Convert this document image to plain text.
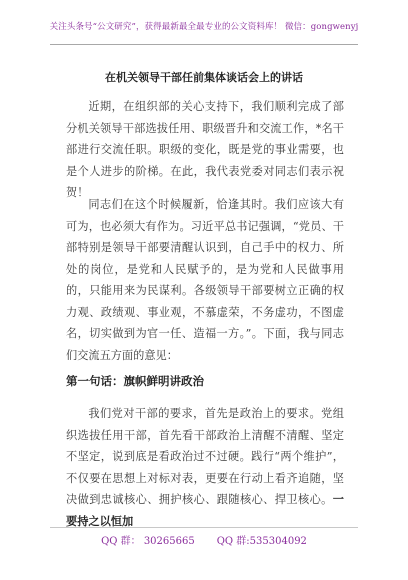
关注头条号“公文研究”，获得最新最全最专业的公文资料库！ 微信：gongwenyj
在机关领导干部任前集体谈话会上的讲话

近期，在组织部的关心支持下，我们顺利完成了部分机关领导干部选拔任用、职级晋升和交流工作，*名干部进行交流任职。职级的变化，既是党的事业需要，也是个人进步的阶梯。在此，我代表党委对同志们表示祝贺！

同志们在这个时候履新，恰逢其时。我们应该大有可为，也必须大有作为。习近平总书记强调，“党员、干部特别是领导干部要清醒认识到，自己手中的权力、所处的岗位，是党和人民赋予的，是为党和人民做事用的，只能用来为民谋利。各级领导干部要树立正确的权力观、政绩观、事业观，不慕虚荣，不务虚功，不图虚名，切实做到为官一任、造福一方。”。下面，我与同志们交流五方面的意见：

第一句话：旗帜鲜明讲政治

我们党对干部的要求，首先是政治上的要求。党组织选拔任用干部，首先看干部政治上清醒不清醒、坚定不坚定，说到底是看政治过不过硬。践行“两个维护”，不仅要在思想上对标对表，更要在行动上看齐追随，坚决做到忠诚核心、拥护核心、跟随核心、捍卫核心。一要持之以恒加

QQ 群： 30265665 QQ 群:535304092
